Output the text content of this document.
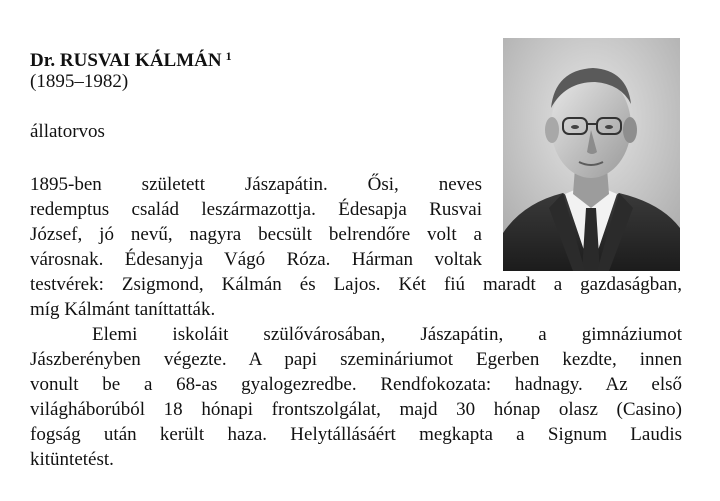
Dr. RUSVAI KÁLMÁN $^1$
(1895–1982)
állatorvos
1895-ben született Jászapátin. Ősi, neves
redemptus család leszármazottja. Édesapja Rusvai
József, jó nevű, nagyra becsült belrendőre volt a
városnak. Édesanyja Vágó Róza. Hárman voltak
testvérek: Zsigmond, Kálmán és Lajos. Két fiú maradt a gazdaságban,
míg Kálmánt taníttatták.
Elemi iskoláit szülővárosában, Jászapátin, a gimnáziumot
Jászberényben végezte. A papi szemináriumot Egerben kezdte, innen
vonult be a 68-as gyalogezredbe. Rendfokozata: hadnagy. Az első
világháborúból 18 hónapi frontszolgálat, majd 30 hónap olasz (Casino)
fogság után került haza. Helytállásáért megkapta a Signum Laudis
kitüntetést.
